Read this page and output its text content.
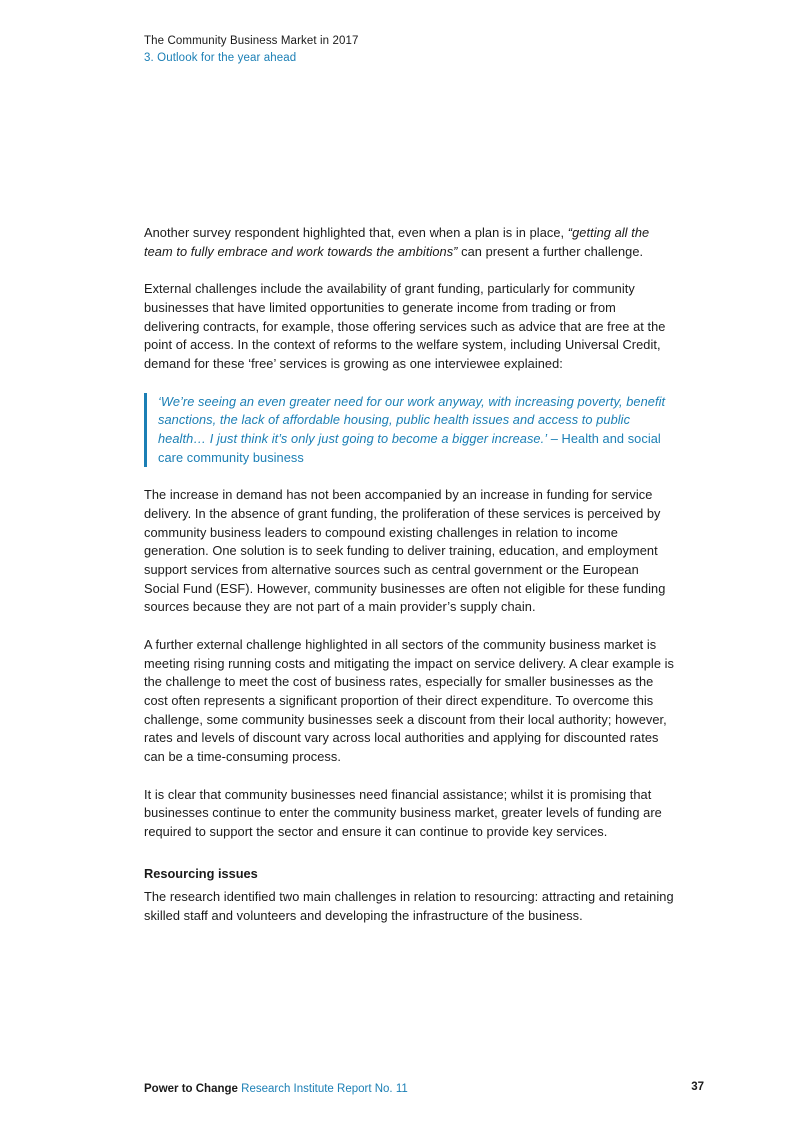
The Community Business Market in 2017
3. Outlook for the year ahead

Another survey respondent highlighted that, even when a plan is in place, “getting all the team to fully embrace and work towards the ambitions” can present a further challenge.

External challenges include the availability of grant funding, particularly for community businesses that have limited opportunities to generate income from trading or from delivering contracts, for example, those offering services such as advice that are free at the point of access. In the context of reforms to the welfare system, including Universal Credit, demand for these ‘free’ services is growing as one interviewee explained:

‘We’re seeing an even greater need for our work anyway, with increasing poverty, benefit sanctions, the lack of affordable housing, public health issues and access to public health… I just think it’s only just going to become a bigger increase.’ – Health and social care community business

The increase in demand has not been accompanied by an increase in funding for service delivery. In the absence of grant funding, the proliferation of these services is perceived by community business leaders to compound existing challenges in relation to income generation. One solution is to seek funding to deliver training, education, and employment support services from alternative sources such as central government or the European Social Fund (ESF). However, community businesses are often not eligible for these funding sources because they are not part of a main provider’s supply chain.

A further external challenge highlighted in all sectors of the community business market is meeting rising running costs and mitigating the impact on service delivery. A clear example is the challenge to meet the cost of business rates, especially for smaller businesses as the cost often represents a significant proportion of their direct expenditure. To overcome this challenge, some community businesses seek a discount from their local authority; however, rates and levels of discount vary across local authorities and applying for discounted rates can be a time-consuming process.

It is clear that community businesses need financial assistance; whilst it is promising that businesses continue to enter the community business market, greater levels of funding are required to support the sector and ensure it can continue to provide key services.

Resourcing issues

The research identified two main challenges in relation to resourcing: attracting and retaining skilled staff and volunteers and developing the infrastructure of the business.

Power to Change Research Institute Report No. 11	37
